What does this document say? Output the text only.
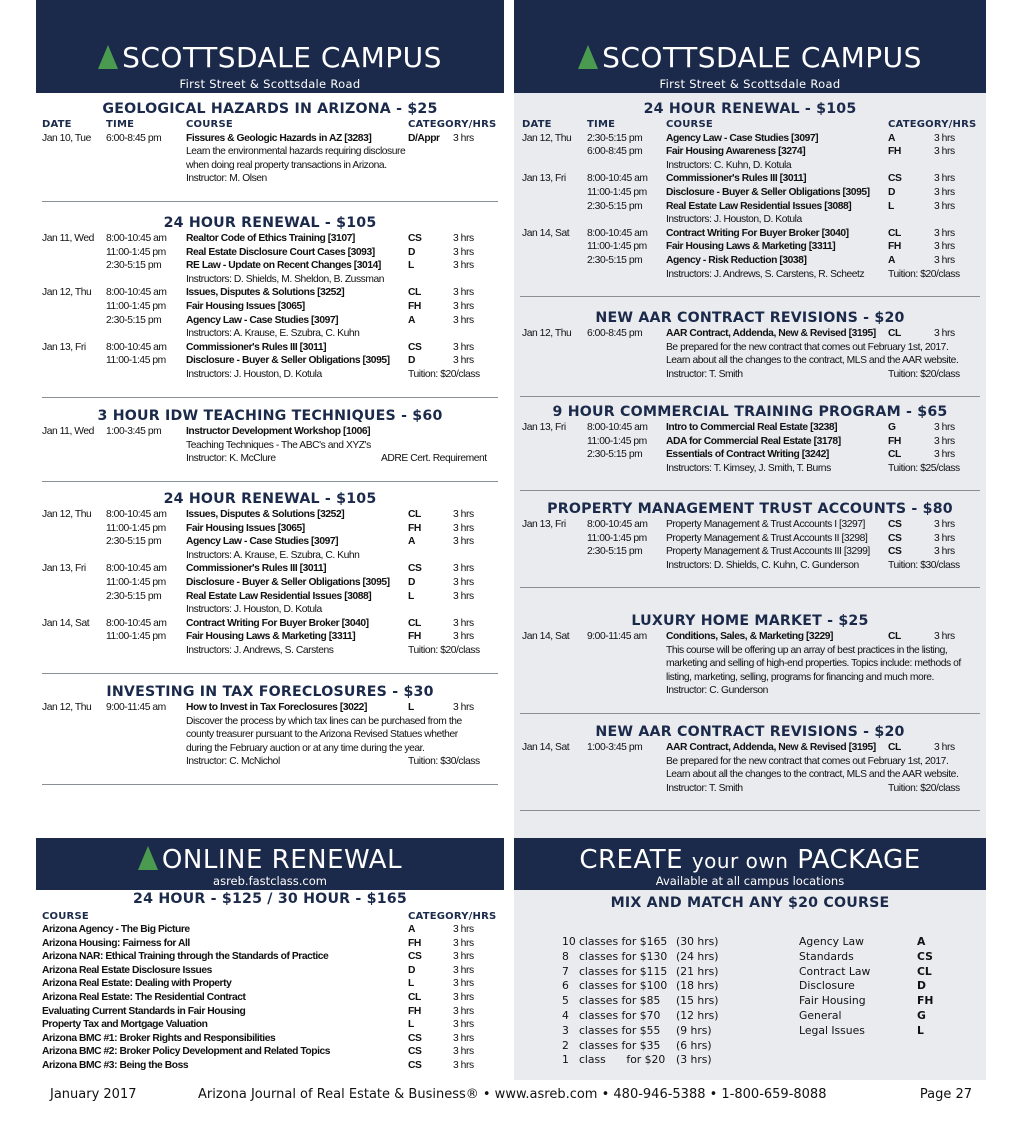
SCOTTSDALE CAMPUS
First Street & Scottsdale Road
GEOLOGICAL HAZARDS IN ARIZONA - $25
DATE	TIME	COURSE	CATEGORY/HRS
Jan 10, Tue 6:00-8:45 pm Fissures & Geologic Hazards in AZ [3283]	D/Appr 3 hrs
Learn the environmental hazards requiring disclosure
when doing real property transactions in Arizona.
Instructor: M. Olsen
24 HOUR RENEWAL - $105
Jan 11, Wed 8:00-10:45 am Realtor Code of Ethics Training [3107]	CS	3 hrs
11:00-1:45 pm Real Estate Disclosure Court Cases [3093]	D	3 hrs
2:30-5:15 pm RE Law - Update on Recent Changes [3014]	L	3 hrs
Instructors: D. Shields, M. Sheldon, B. Zussman
Jan 12, Thu 8:00-10:45 am Issues, Disputes & Solutions [3252]	CL	3 hrs
11:00-1:45 pm Fair Housing Issues [3065]	FH	3 hrs
2:30-5:15 pm Agency Law - Case Studies [3097]	A	3 hrs
Instructors: A. Krause, E. Szubra, C. Kuhn
Jan 13, Fri 8:00-10:45 am Commissioner's Rules III [3011]	CS	3 hrs
11:00-1:45 pm Disclosure - Buyer & Seller Obligations [3095] D	3 hrs
Instructors: J. Houston, D. Kotula	Tuition: $20/class
3 HOUR IDW TEACHING TECHNIQUES - $60
Jan 11, Wed 1:00-3:45 pm Instructor Development Workshop [1006]
Teaching Techniques - The ABC's and XYZ's
Instructor: K. McClure	ADRE Cert. Requirement
24 HOUR RENEWAL - $105
Jan 12, Thu 8:00-10:45 am Issues, Disputes & Solutions [3252]	CL	3 hrs
11:00-1:45 pm Fair Housing Issues [3065]	FH	3 hrs
2:30-5:15 pm Agency Law - Case Studies [3097]	A	3 hrs
Instructors: A. Krause, E. Szubra, C. Kuhn
Jan 13, Fri 8:00-10:45 am Commissioner's Rules III [3011]	CS	3 hrs
11:00-1:45 pm Disclosure - Buyer & Seller Obligations [3095] D	3 hrs
2:30-5:15 pm Real Estate Law Residential Issues [3088]	L	3 hrs
Instructors: J. Houston, D. Kotula
Jan 14, Sat 8:00-10:45 am Contract Writing For Buyer Broker [3040]	CL	3 hrs
11:00-1:45 pm Fair Housing Laws & Marketing [3311]	FH	3 hrs
Instructors: J. Andrews, S. Carstens	Tuition: $20/class
INVESTING IN TAX FORECLOSURES - $30
Jan 12, Thu 9:00-11:45 am How to Invest in Tax Foreclosures [3022]	L	3 hrs
Discover the process by which tax lines can be purchased from the
county treasurer pursuant to the Arizona Revised Statues whether
during the February auction or at any time during the year.
Instructor: C. McNichol	Tuition: $30/class
ONLINE RENEWAL
asreb.fastclass.com
24 HOUR - $125 / 30 HOUR - $165
COURSE	CATEGORY/HRS
Arizona Agency - The Big Picture	A	3 hrs
Arizona Housing: Fairness for All	FH	3 hrs
Arizona NAR: Ethical Training through the Standards of Practice	CS	3 hrs
Arizona Real Estate Disclosure Issues	D	3 hrs
Arizona Real Estate: Dealing with Property	L	3 hrs
Arizona Real Estate: The Residential Contract	CL	3 hrs
Evaluating Current Standards in Fair Housing	FH	3 hrs
Property Tax and Mortgage Valuation	L	3 hrs
Arizona BMC #1: Broker Rights and Responsibilities	CS	3 hrs
Arizona BMC #2: Broker Policy Development and Related Topics	CS	3 hrs
Arizona BMC #3: Being the Boss	CS	3 hrs
SCOTTSDALE CAMPUS
First Street & Scottsdale Road
24 HOUR RENEWAL - $105
DATE	TIME	COURSE	CATEGORY/HRS
Jan 12, Thu 2:30-5:15 pm Agency Law - Case Studies [3097]	A	3 hrs
6:00-8:45 pm Fair Housing Awareness [3274]	FH	3 hrs
Instructors: C. Kuhn, D. Kotula
Jan 13, Fri 8:00-10:45 am Commissioner's Rules III [3011]	CS	3 hrs
11:00-1:45 pm Disclosure - Buyer & Seller Obligations [3095] D	3 hrs
2:30-5:15 pm Real Estate Law Residential Issues [3088]	L	3 hrs
Instructors: J. Houston, D. Kotula
Jan 14, Sat 8:00-10:45 am Contract Writing For Buyer Broker [3040]	CL	3 hrs
11:00-1:45 pm Fair Housing Laws & Marketing [3311]	FH	3 hrs
2:30-5:15 pm Agency - Risk Reduction [3038]	A	3 hrs
Instructors: J. Andrews, S. Carstens, R. Scheetz Tuition: $20/class
NEW AAR CONTRACT REVISIONS - $20
Jan 12, Thu 6:00-8:45 pm AAR Contract, Addenda, New & Revised [3195] CL	3 hrs
Be prepared for the new contract that comes out February 1st, 2017.
Learn about all the changes to the contract, MLS and the AAR website.
Instructor: T. Smith	Tuition: $20/class
9 HOUR COMMERCIAL TRAINING PROGRAM - $65
Jan 13, Fri 8:00-10:45 am Intro to Commercial Real Estate [3238]	G	3 hrs
11:00-1:45 pm ADA for Commercial Real Estate [3178]	FH	3 hrs
2:30-5:15 pm Essentials of Contract Writing [3242]	CL	3 hrs
Instructors: T. Kimsey, J. Smith, T. Burns	Tuition: $25/class
PROPERTY MANAGEMENT TRUST ACCOUNTS - $80
Jan 13, Fri 8:00-10:45 am Property Management & Trust Accounts I [3297] CS	3 hrs
11:00-1:45 pm Property Management & Trust Accounts II [3298] CS	3 hrs
2:30-5:15 pm Property Management & Trust Accounts III [3299] CS	3 hrs
Instructors: D. Shields, C. Kuhn, C. Gunderson	Tuition: $30/class
LUXURY HOME MARKET - $25
Jan 14, Sat 9:00-11:45 am Conditions, Sales, & Marketing [3229]	CL	3 hrs
This course will be offering up an array of best practices in the listing,
marketing and selling of high-end properties. Topics include: methods of
listing, marketing, selling, programs for financing and much more.
Instructor: C. Gunderson
NEW AAR CONTRACT REVISIONS - $20
Jan 14, Sat 1:00-3:45 pm AAR Contract, Addenda, New & Revised [3195] CL	3 hrs
Be prepared for the new contract that comes out February 1st, 2017.
Learn about all the changes to the contract, MLS and the AAR website.
Instructor: T. Smith	Tuition: $20/class
CREATE your own PACKAGE
Available at all campus locations
MIX AND MATCH ANY $20 COURSE
10 classes for $165 (30 hrs)
8 classes for $130 (24 hrs)
7 classes for $115 (21 hrs)
6 classes for $100 (18 hrs)
5 classes for $85 (15 hrs)
4 classes for $70 (12 hrs)
3 classes for $55 (9 hrs)
2 classes for $35 (6 hrs)
1 class      for $20 (3 hrs)
Agency Law	A
Standards	CS
Contract Law	CL
Disclosure	D
Fair Housing	FH
General	G
Legal Issues	L
January 2017	Arizona Journal of Real Estate & Business® • www.asreb.com • 480-946-5388 • 1-800-659-8088	Page 27
